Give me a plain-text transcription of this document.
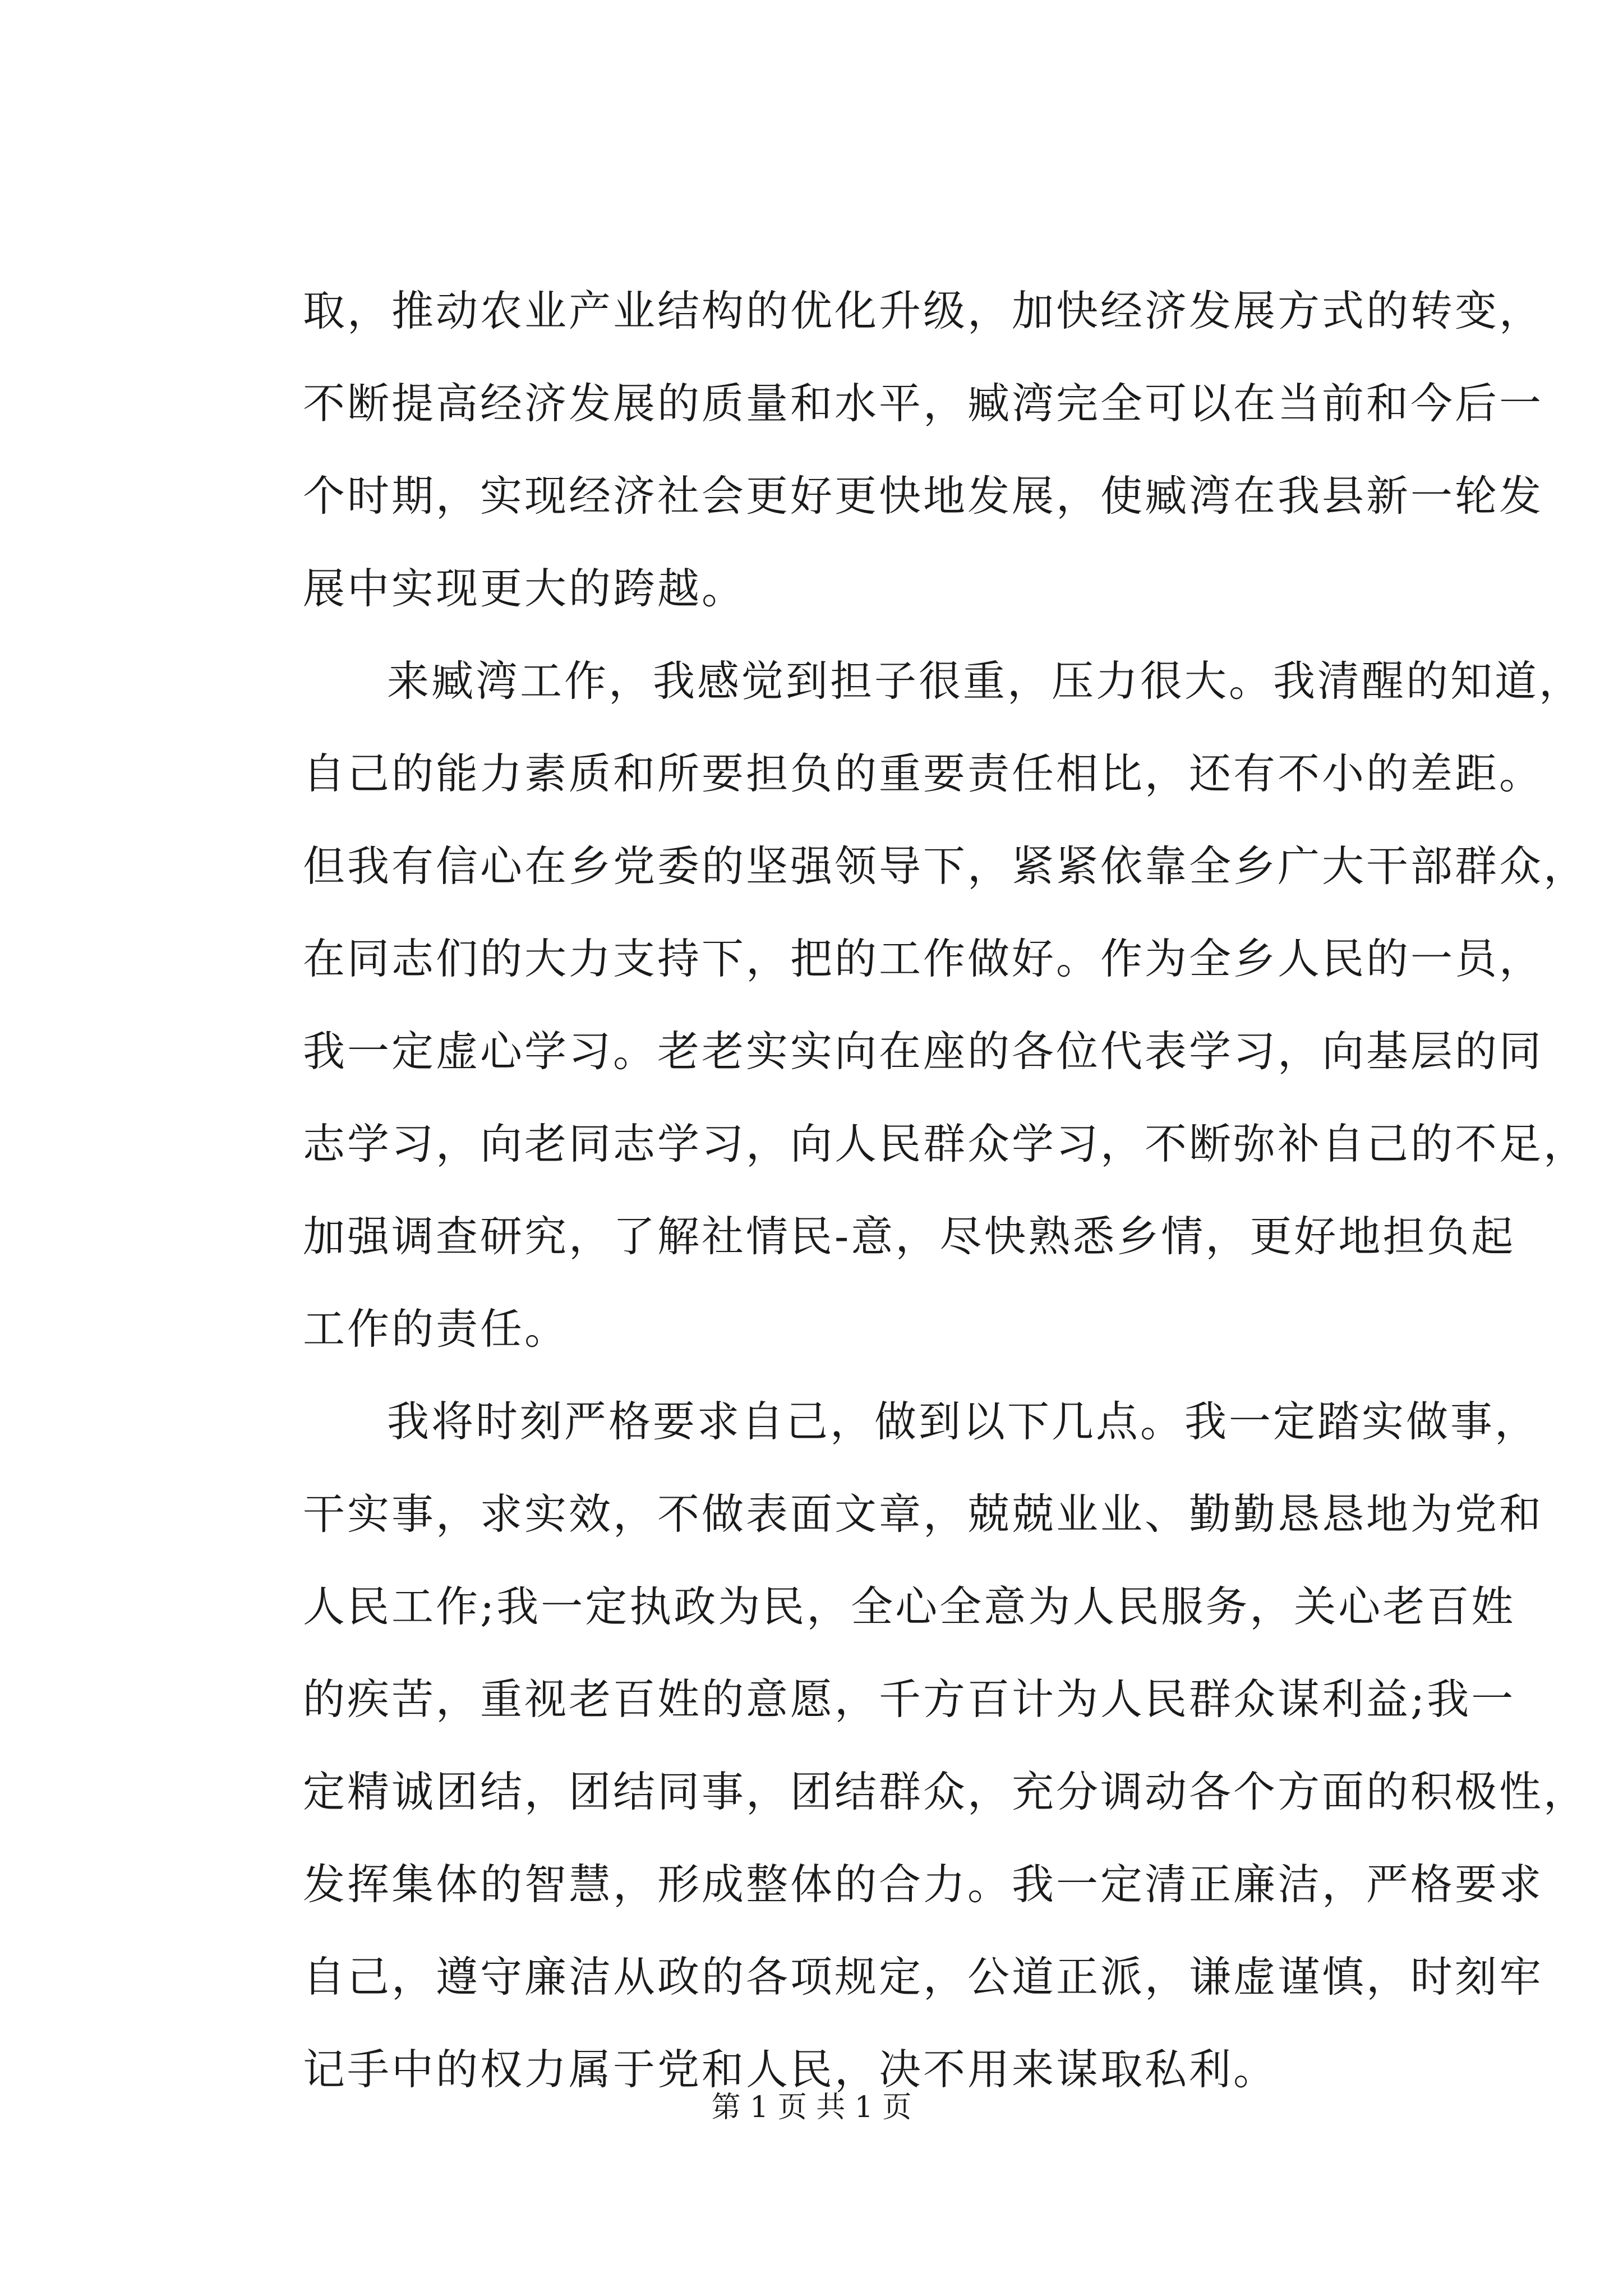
取，推动农业产业结构的优化升级，加快经济发展方式的转变，
不断提高经济发展的质量和水平，臧湾完全可以在当前和今后一
个时期，实现经济社会更好更快地发展，使臧湾在我县新一轮发
展中实现更大的跨越。
来臧湾工作，我感觉到担子很重，压力很大。我清醒的知道，
自己的能力素质和所要担负的重要责任相比，还有不小的差距。
但我有信心在乡党委的坚强领导下，紧紧依靠全乡广大干部群众，
在同志们的大力支持下，把的工作做好。作为全乡人民的一员，
我一定虚心学习。老老实实向在座的各位代表学习，向基层的同
志学习，向老同志学习，向人民群众学习，不断弥补自己的不足，
加强调查研究，了解社情民-意，尽快熟悉乡情，更好地担负起
工作的责任。
我将时刻严格要求自己，做到以下几点。我一定踏实做事，
干实事，求实效，不做表面文章，兢兢业业、勤勤恳恳地为党和
人民工作;我一定执政为民，全心全意为人民服务，关心老百姓
的疾苦，重视老百姓的意愿，千方百计为人民群众谋利益;我一
定精诚团结，团结同事，团结群众，充分调动各个方面的积极性，
发挥集体的智慧，形成整体的合力。我一定清正廉洁，严格要求
自己，遵守廉洁从政的各项规定，公道正派，谦虚谨慎，时刻牢
记手中的权力属于党和人民，决不用来谋取私利。
第 1 页 共 1 页
